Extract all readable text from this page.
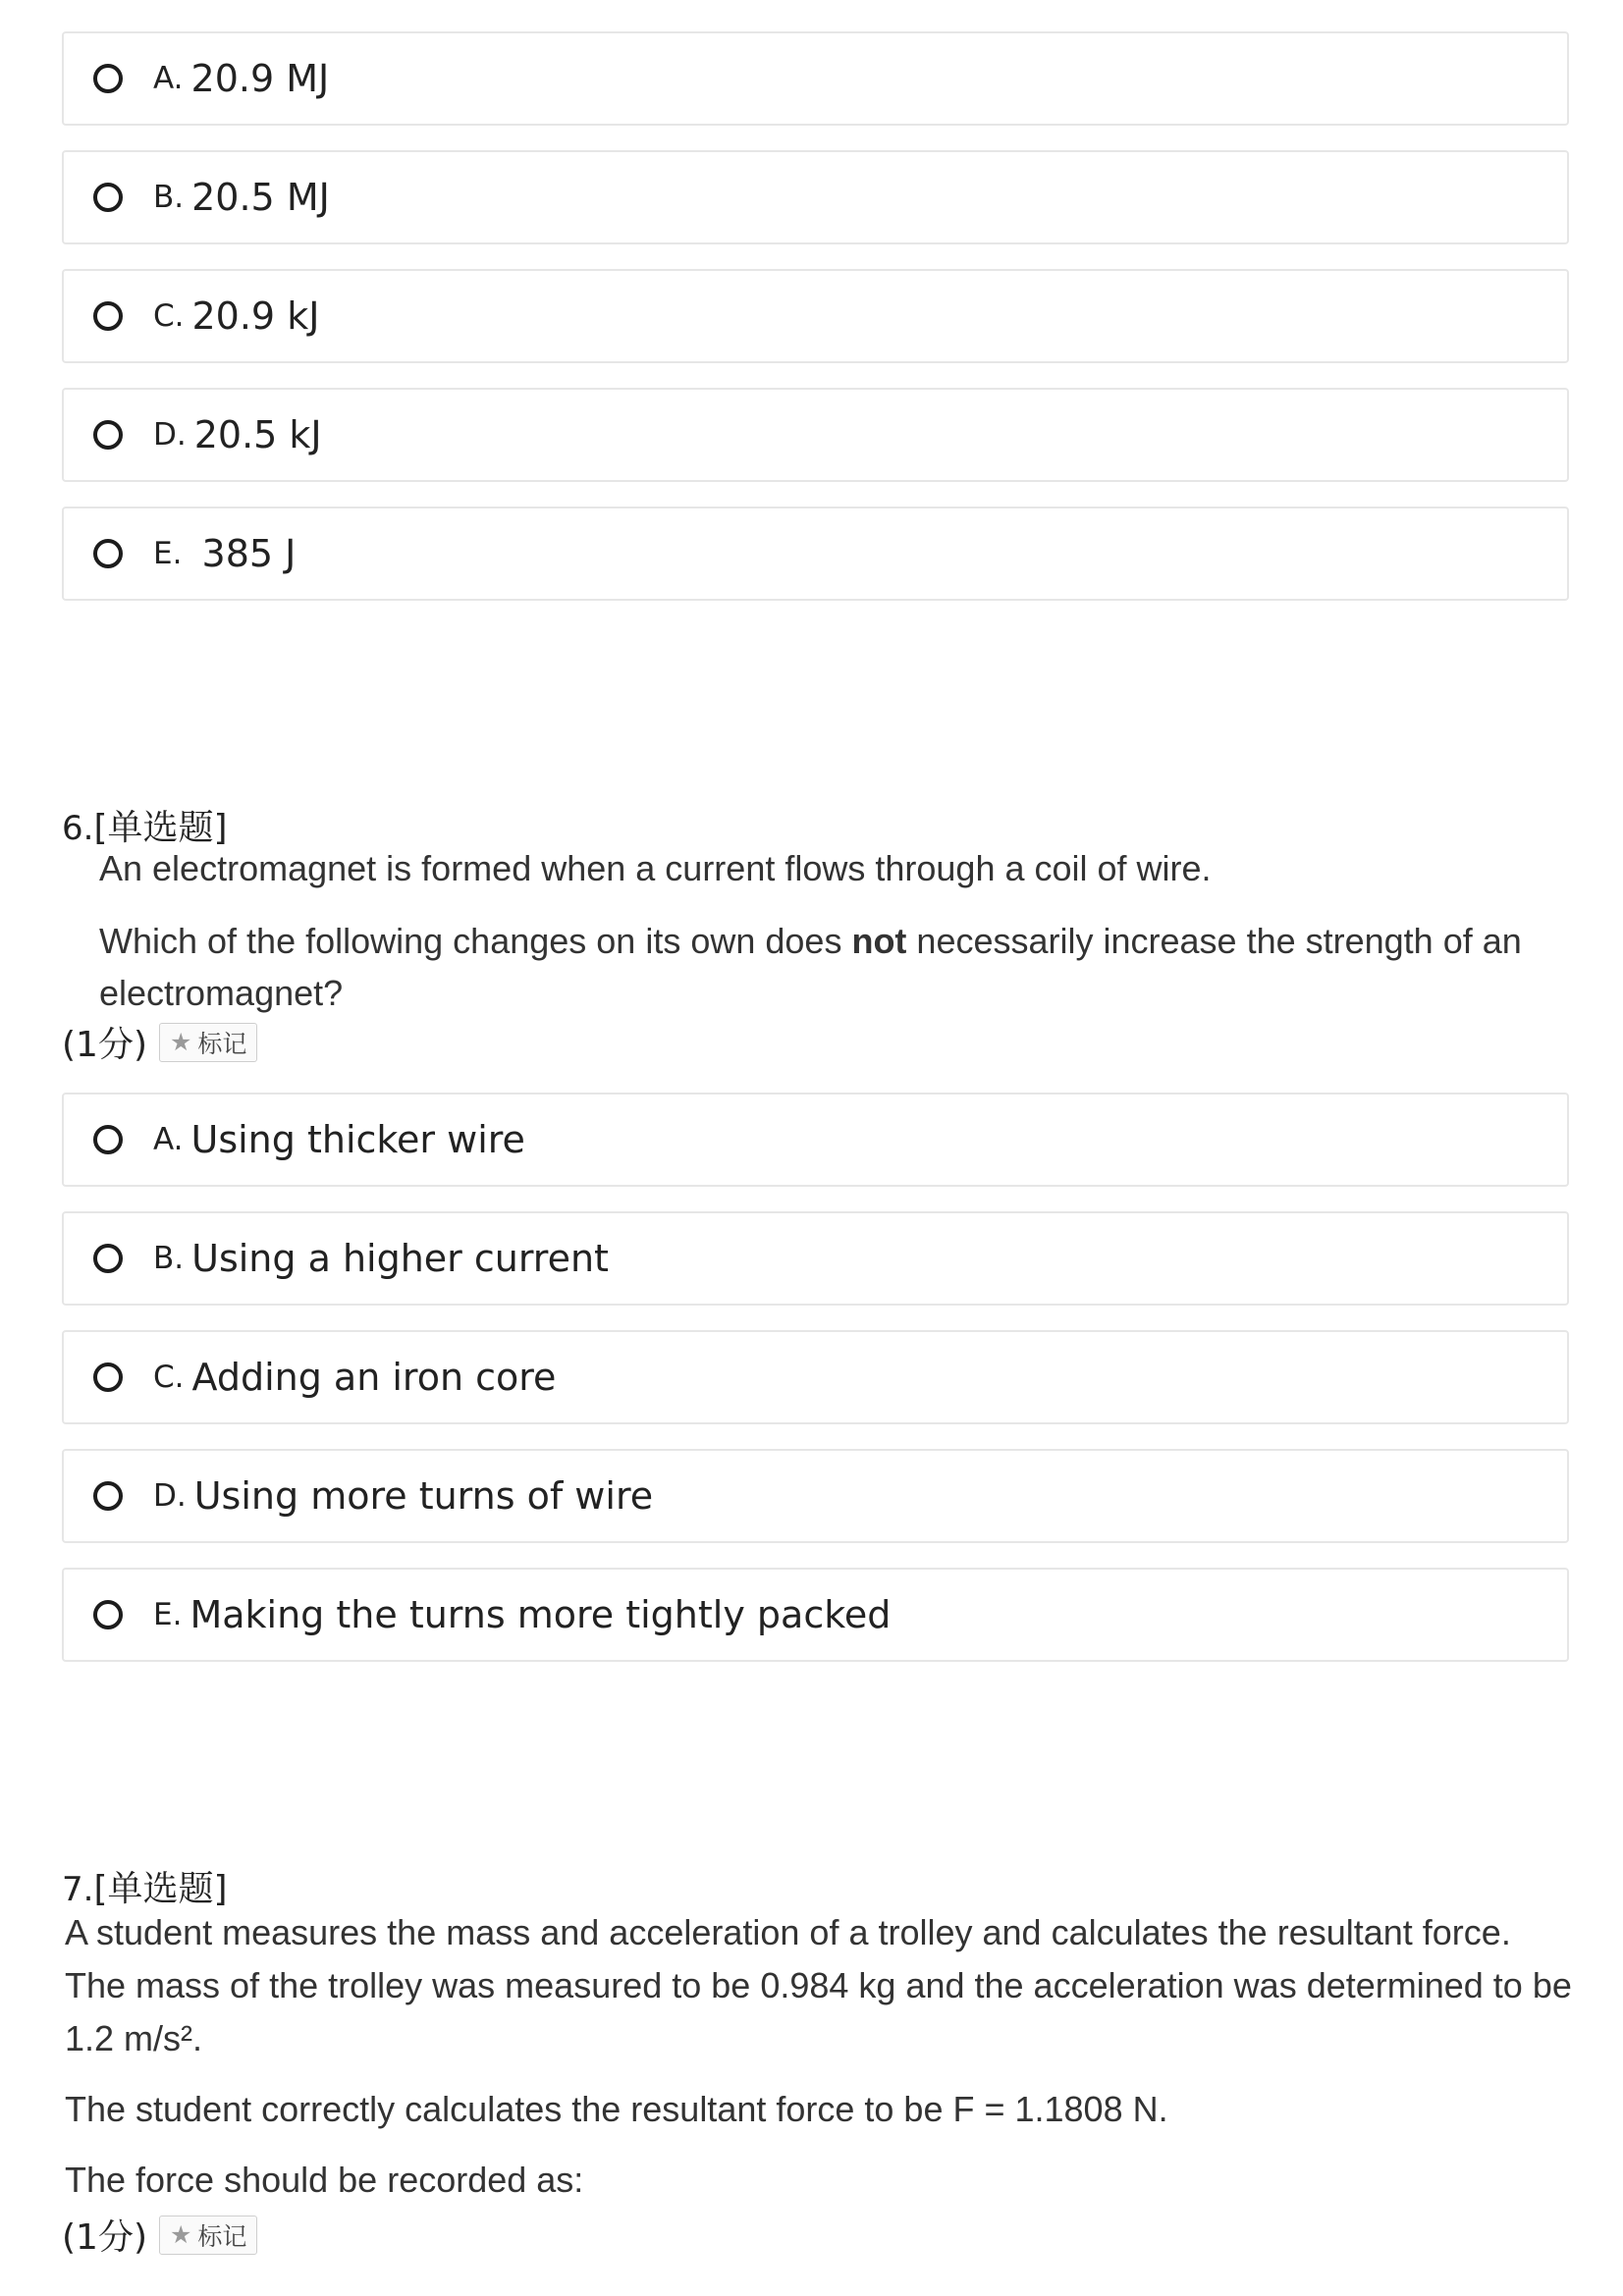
A. 20.9 MJ
B. 20.5 MJ
C. 20.9 kJ
D. 20.5 kJ
E. 385 J
6.[单选题]

An electromagnet is formed when a current flows through a coil of wire.

Which of the following changes on its own does not necessarily increase the strength of an electromagnet?

(1分) ★ 标记
A. Using thicker wire
B. Using a higher current
C. Adding an iron core
D. Using more turns of wire
E. Making the turns more tightly packed
7.[单选题]

A student measures the mass and acceleration of a trolley and calculates the resultant force. The mass of the trolley was measured to be 0.984 kg and the acceleration was determined to be 1.2 m/s².

The student correctly calculates the resultant force to be F = 1.1808 N.

The force should be recorded as:

(1分) ★ 标记
